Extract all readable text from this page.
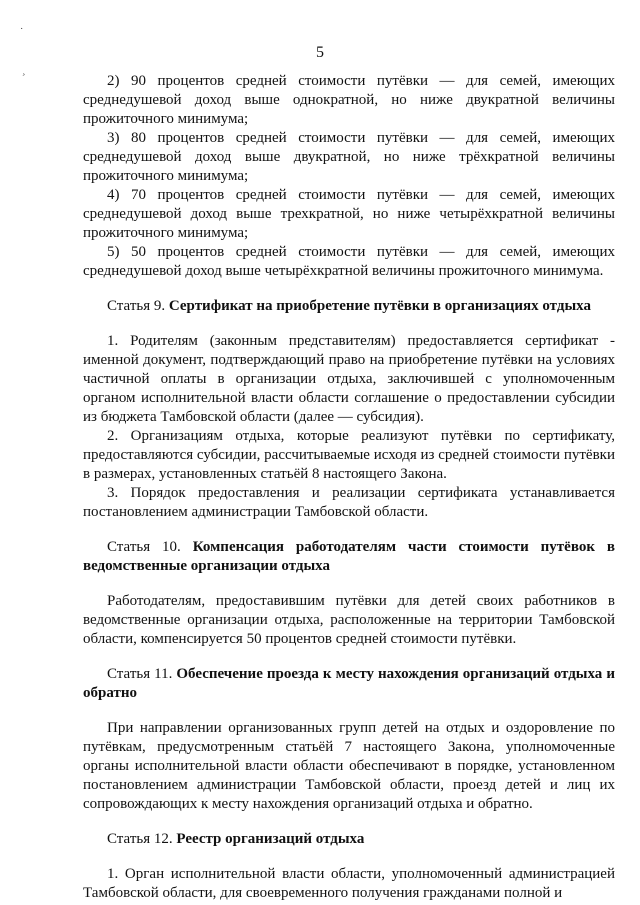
˙
¸
5

2) 90 процентов средней стоимости путёвки — для семей, имеющих среднедушевой доход выше однократной, но ниже двукратной величины прожиточного минимума;

3) 80 процентов средней стоимости путёвки — для семей, имеющих среднедушевой доход выше двукратной, но ниже трёхкратной величины прожиточного минимума;

4) 70 процентов средней стоимости путёвки — для семей, имеющих среднедушевой доход выше трехкратной, но ниже четырёхкратной величины прожиточного минимума;

5) 50 процентов средней стоимости путёвки — для семей, имеющих среднедушевой доход выше четырёхкратной величины прожиточного минимума.

Статья 9. Сертификат на приобретение путёвки в организациях отдыха

1. Родителям (законным представителям) предоставляется сертификат - именной документ, подтверждающий право на приобретение путёвки на условиях частичной оплаты в организации отдыха, заключившей с уполномоченным органом исполнительной власти области соглашение о предоставлении субсидии из бюджета Тамбовской области (далее — субсидия).

2. Организациям отдыха, которые реализуют путёвки по сертификату, предоставляются субсидии, рассчитываемые исходя из средней стоимости путёвки в размерах, установленных статьёй 8 настоящего Закона.

3. Порядок предоставления и реализации сертификата устанавливается постановлением администрации Тамбовской области.

Статья 10. Компенсация работодателям части стоимости путёвок в ведомственные организации отдыха

Работодателям, предоставившим путёвки для детей своих работников в ведомственные организации отдыха, расположенные на территории Тамбовской области, компенсируется 50 процентов средней стоимости путёвки.

Статья 11. Обеспечение проезда к месту нахождения организаций отдыха и обратно

При направлении организованных групп детей на отдых и оздоровление по путёвкам, предусмотренным статьёй 7 настоящего Закона, уполномоченные органы исполнительной власти области обеспечивают в порядке, установленном постановлением администрации Тамбовской области, проезд детей и лиц их сопровождающих к месту нахождения организаций отдыха и обратно.

Статья 12. Реестр организаций отдыха

1. Орган исполнительной власти области, уполномоченный администрацией Тамбовской области, для своевременного получения гражданами полной и
